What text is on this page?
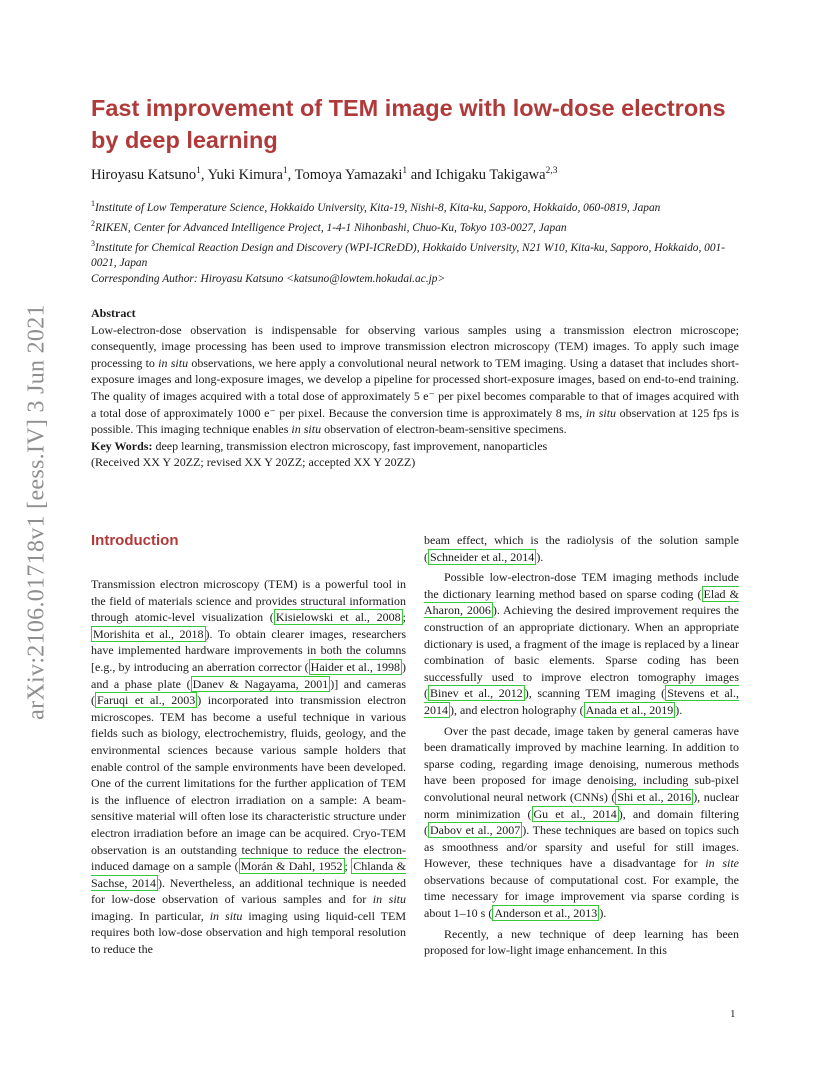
arXiv:2106.01718v1 [eess.IV] 3 Jun 2021
Fast improvement of TEM image with low-dose electrons by deep learning
Hiroyasu Katsuno$^1$, Yuki Kimura$^1$, Tomoya Yamazaki$^1$ and Ichigaku Takigawa$^{2,3}$

$^1$Institute of Low Temperature Science, Hokkaido University, Kita-19, Nishi-8, Kita-ku, Sapporo, Hokkaido, 060-0819, Japan

$^2$RIKEN, Center for Advanced Intelligence Project, 1-4-1 Nihonbashi, Chuo-Ku, Tokyo 103-0027, Japan

$^3$Institute for Chemical Reaction Design and Discovery (WPI-ICReDD), Hokkaido University, N21 W10, Kita-ku, Sapporo, Hokkaido, 001-0021, Japan

Corresponding Author: Hiroyasu Katsuno <katsuno@lowtem.hokudai.ac.jp>

Abstract

Low-electron-dose observation is indispensable for observing various samples using a transmission electron microscope; consequently, image processing has been used to improve transmission electron microscopy (TEM) images. To apply such image processing to in situ observations, we here apply a convolutional neural network to TEM imaging. Using a dataset that includes short-exposure images and long-exposure images, we develop a pipeline for processed short-exposure images, based on end-to-end training. The quality of images acquired with a total dose of approximately 5 e⁻ per pixel becomes comparable to that of images acquired with a total dose of approximately 1000 e⁻ per pixel. Because the conversion time is approximately 8 ms, in situ observation at 125 fps is possible. This imaging technique enables in situ observation of electron-beam-sensitive specimens.

Key Words: deep learning, transmission electron microscopy, fast improvement, nanoparticles

(Received XX Y 20ZZ; revised XX Y 20ZZ; accepted XX Y 20ZZ)

Introduction

Transmission electron microscopy (TEM) is a powerful tool in the field of materials science and provides structural information through atomic-level visualization ( Kisielowski et al., 2008 ; Morishita et al., 2018 ). To obtain clearer images, researchers have implemented hardware improvements in both the columns [e.g., by introducing an aberration corrector ( Haider et al., 1998 ) and a phase plate ( Danev & Nagayama, 2001 )] and cameras ( Faruqi et al., 2003 ) incorporated into transmission electron microscopes. TEM has become a useful technique in various fields such as biology, electrochemistry, fluids, geology, and the environmental sciences because various sample holders that enable control of the sample environments have been developed. One of the current limitations for the further application of TEM is the influence of electron irradiation on a sample: A beam-sensitive material will often lose its characteristic structure under electron irradiation before an image can be acquired. Cryo-TEM observation is an outstanding technique to reduce the electron-induced damage on a sample ( Morán & Dahl, 1952 ; Chlanda & Sachse, 2014 ). Nevertheless, an additional technique is needed for low-dose observation of various samples and for in situ imaging. In particular, in situ imaging using liquid-cell TEM requires both low-dose observation and high temporal resolution to reduce the

beam effect, which is the radiolysis of the solution sample ( Schneider et al., 2014 ).

Possible low-electron-dose TEM imaging methods include the dictionary learning method based on sparse coding ( Elad & Aharon, 2006 ). Achieving the desired improvement requires the construction of an appropriate dictionary. When an appropriate dictionary is used, a fragment of the image is replaced by a linear combination of basic elements. Sparse coding has been successfully used to improve electron tomography images ( Binev et al., 2012 ), scanning TEM imaging ( Stevens et al., 2014 ), and electron holography ( Anada et al., 2019 ).

Over the past decade, image taken by general cameras have been dramatically improved by machine learning. In addition to sparse coding, regarding image denoising, numerous methods have been proposed for image denoising, including sub-pixel convolutional neural network (CNNs) ( Shi et al., 2016 ), nuclear norm minimization ( Gu et al., 2014 ), and domain filtering ( Dabov et al., 2007 ). These techniques are based on topics such as smoothness and/or sparsity and useful for still images. However, these techniques have a disadvantage for in site observations because of computational cost. For example, the time necessary for image improvement via sparse cording is about 1–10 s ( Anderson et al., 2013 ).

Recently, a new technique of deep learning has been proposed for low-light image enhancement. In this

1
